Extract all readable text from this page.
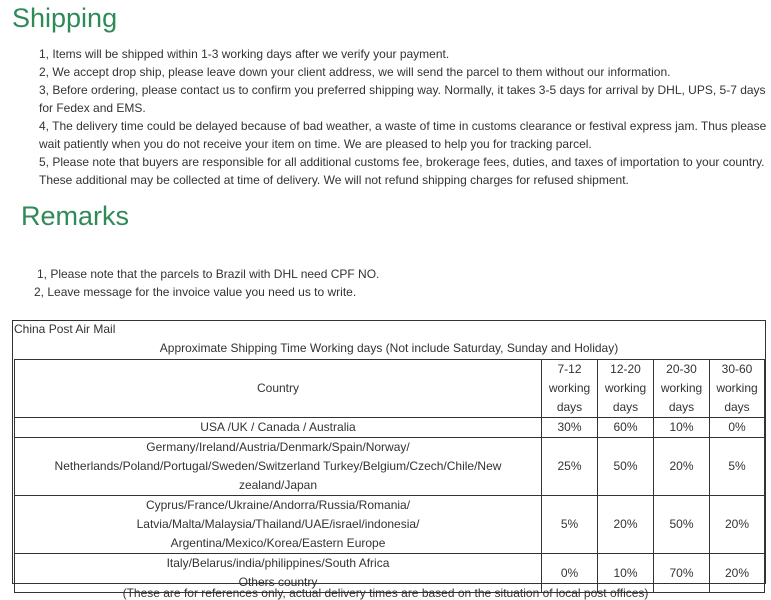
Shipping
1, Items will be shipped within 1-3 working days after we verify your payment.
2, We accept drop ship, please leave down your client address, we will send the parcel to them without our information.
3, Before ordering, please contact us to confirm you preferred shipping way. Normally, it takes 3-5 days for arrival by DHL, UPS, 5-7 days for Fedex and EMS.
4, The delivery time could be delayed because of bad weather, a waste of time in customs clearance or festival express jam. Thus please wait patiently when you do not receive your item on time. We are pleased to help you for tracking parcel.
5, Please note that buyers are responsible for all additional customs fee, brokerage fees, duties, and taxes of importation to your country. These additional may be collected at time of delivery. We will not refund shipping charges for refused shipment.
Remarks
1, Please note that the parcels to Brazil with DHL need CPF NO.
2, Leave message for the invoice value you need us to write.
China Post Air Mail
Approximate Shipping Time Working days (Not include Saturday, Sunday and Holiday)
Country	7-12
working
days	12-20
working
days	20-30
working
days	30-60
working
days
USA /UK / Canada / Australia	30%	60%	10%	0%
Germany/Ireland/Austria/Denmark/Spain/Norway/
Netherlands/Poland/Portugal/Sweden/Switzerland Turkey/Belgium/Czech/Chile/New
zealand/Japan	25%	50%	20%	5%
Cyprus/France/Ukraine/Andorra/Russia/Romania/
Latvia/Malta/Malaysia/Thailand/UAE/israel/indonesia/
Argentina/Mexico/Korea/Eastern Europe	5%	20%	50%	20%
Italy/Belarus/india/philippines/South Africa
Others country	0%	10%	70%	20%
(These are for references only, actual delivery times are based on the situation of local post offices)
